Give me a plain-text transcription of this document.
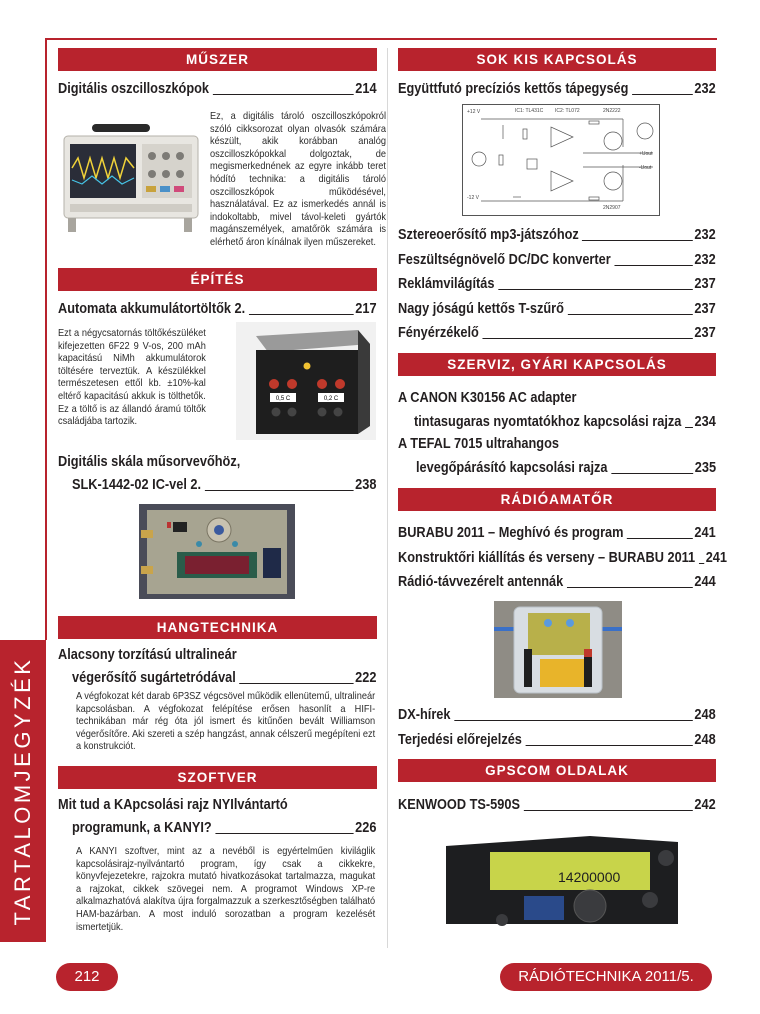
TARTALOMJEGYZÉK
MŰSZER
Digitális oszcilloszkópok	214
Ez, a digitális tároló oszcilloszkópokról szóló cikksorozat olyan olvasók számára készült, akik korábban analóg oszcilloszkópokkal dolgoztak, de megismerkednének az egyre inkább teret hódító technika: a digitális tároló oszcilloszkópok működésével, használatával. Ez az ismerkedés annál is indokoltabb, mivel távol-keleti gyártók magánszemélyek, amatőrök számára is elérhető áron kínálnak ilyen műszereket.
ÉPÍTÉS
Automata akkumulátortöltők 2.	217
Ezt a négycsatornás töltőkészüléket kifejezetten 6F22 9 V-os, 200 mAh kapacitású NiMh akkumulátorok töltésére terveztük. A készülékkel természetesen ettől kb. ±10%-kal eltérő kapacitású akkuk is tölthetők. Ez a töltő is az állandó áramú töltők családjába tartozik.
0,5 C	0,2 C
Digitális skála műsorvevőhöz,
SLK-1442-02 IC-vel 2.	238
HANGTECHNIKA
Alacsony torzítású ultralineár
végerősítő sugártetródával	222
A végfokozat két darab 6P3SZ végcsövel működik ellenütemű, ultralineár kapcsolásban. A végfokozat felépítése erősen hasonlít a HIFI-technikában már rég óta jól ismert és kitűnően bevált Williamson végerősítőre. Aki szereti a szép hangzást, annak célszerű megépíteni ezt a konstrukciót.
SZOFTVER
Mit tud a KApcsolási rajz NYIlvántartó
programunk, a KANYI?	226
A KANYI szoftver, mint az a nevéből is egyértelműen kiviláglik kapcsolásirajz-nyilvántartó program, így csak a cikkekre, könyvfejezetekre, rajzokra mutató hivatkozásokat tartalmazza, magukat a rajzokat, cikkek szövegei nem. A programot Windows XP-re alkalmazhatóvá alakítva újra forgalmazzuk a szerkesztőségben található HAM-bazárban. A most induló sorozatban a program kezelését ismertetjük.
SOK KIS KAPCSOLÁS
Együttfutó precíziós kettős tápegység	232
+12 V	IC1: TL431C IC2: TL072	2N2222
-12 V
2N2907
+Uout
-Uout
Sztereoerősítő mp3-játszóhoz	232
Feszültségnövelő DC/DC konverter	232
Reklámvilágítás	237
Nagy jóságú kettős T-szűrő	237
Fényérzékelő	237
SZERVIZ, GYÁRI KAPCSOLÁS
A CANON K30156 AC adapter
tintasugaras nyomtatókhoz kapcsolási rajza 234
A TEFAL 7015 ultrahangos
levegőpárásító kapcsolási rajza	235
RÁDIÓAMATŐR
BURABU 2011 – Meghívó és program	241
Konstruktőri kiállítás és verseny – BURABU 2011 241
Rádió-távvezérelt antennák	244
DX-hírek	248
Terjedési előrejelzés	248
GPSCOM OLDALAK
KENWOOD TS-590S	242
14200000
212	RÁDIÓTECHNIKA 2011/5.
